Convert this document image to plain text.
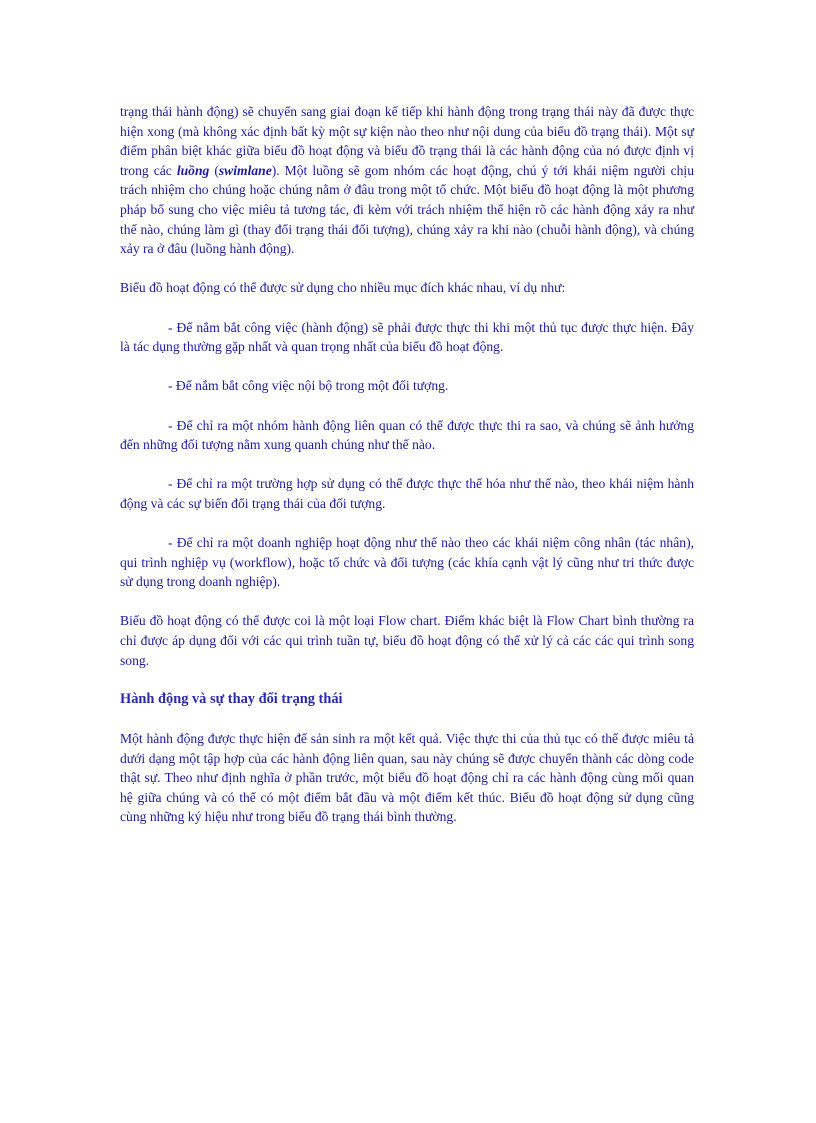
trạng thái hành động) sẽ chuyển sang giai đoạn kế tiếp khi hành động trong trạng thái này đã được thực hiện xong (mà không xác định bất kỳ một sự kiện nào theo như nội dung của biểu đồ trạng thái). Một sự điểm phân biệt khác giữa biểu đồ hoạt động và biểu đồ trạng thái là các hành động của nó được định vị trong các luồng (swimlane). Một luồng sẽ gom nhóm các hoạt động, chú ý tới khái niệm người chịu trách nhiệm cho chúng hoặc chúng nằm ở đâu trong một tổ chức. Một biểu đồ hoạt động là một phương pháp bổ sung cho việc miêu tả tương tác, đi kèm với trách nhiệm thể hiện rõ các hành động xảy ra như thế nào, chúng làm gì (thay đổi trạng thái đối tượng), chúng xảy ra khi nào (chuỗi hành động), và chúng xảy ra ở đâu (luồng hành động).

Biểu đồ hoạt động có thể được sử dụng cho nhiều mục đích khác nhau, ví dụ như:

- Để nắm bắt công việc (hành động) sẽ phải được thực thi khi một thủ tục được thực hiện. Đây là tác dụng thường gặp nhất và quan trọng nhất của biểu đồ hoạt động.

- Để nắm bắt công việc nội bộ trong một đối tượng.

- Để chỉ ra một nhóm hành động liên quan có thể được thực thi ra sao, và chúng sẽ ảnh hưởng đến những đối tượng nằm xung quanh chúng như thế nào.

- Để chỉ ra một trường hợp sử dụng có thể được thực thể hóa như thế nào, theo khái niệm hành động và các sự biến đổi trạng thái của đối tượng.

- Để chỉ ra một doanh nghiệp hoạt động như thế nào theo các khái niệm công nhân (tác nhân), qui trình nghiệp vụ (workflow), hoặc tổ chức và đối tượng (các khía cạnh vật lý cũng như tri thức được sử dụng trong doanh nghiệp).

Biểu đồ hoạt động có thể được coi là một loại Flow chart. Điểm khác biệt là Flow Chart bình thường ra chỉ được áp dụng đối với các qui trình tuần tự, biểu đồ hoạt động có thể xử lý cả các các qui trình song song.

Hành động và sự thay đổi trạng thái

Một hành động được thực hiện để sản sinh ra một kết quả. Việc thực thi của thủ tục có thể được miêu tả dưới dạng một tập hợp của các hành động liên quan, sau này chúng sẽ được chuyển thành các dòng code thật sự. Theo như định nghĩa ở phần trước, một biểu đồ hoạt động chỉ ra các hành động cùng mối quan hệ giữa chúng và có thể có một điểm bắt đầu và một điểm kết thúc. Biểu đồ hoạt động sử dụng cũng cùng những ký hiệu như trong biểu đồ trạng thái bình thường.
